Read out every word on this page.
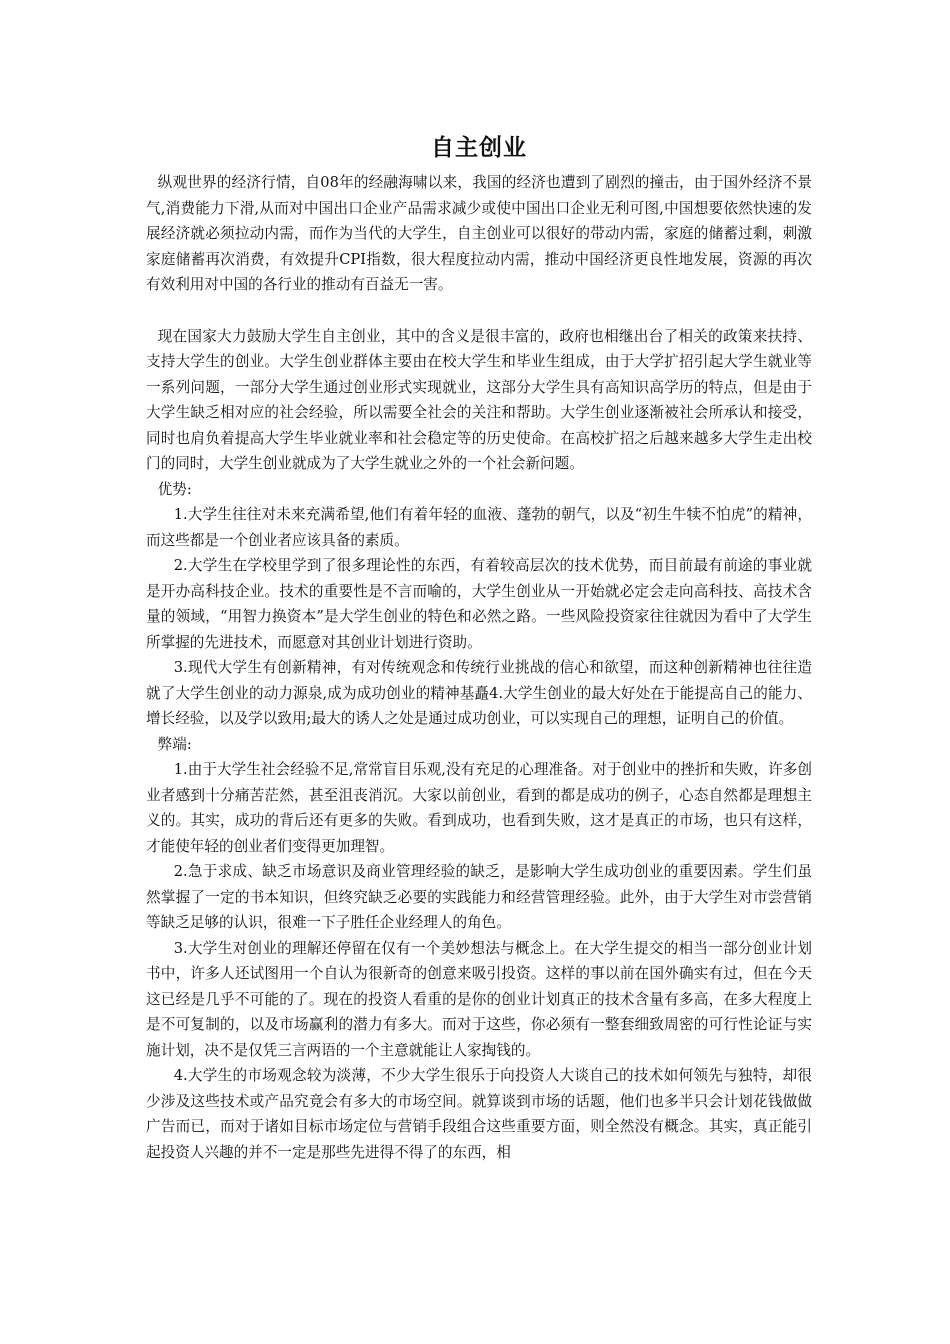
自主创业

纵观世界的经济行情，自08年的经融海啸以来，我国的经济也遭到了剧烈的撞击，由于国外经济不景气,消费能力下滑,从而对中国出口企业产品需求减少或使中国出口企业无利可图,中国想要依然快速的发展经济就必须拉动内需，而作为当代的大学生，自主创业可以很好的带动内需，家庭的储蓄过剩，刺激家庭储蓄再次消费，有效提升CPI指数，很大程度拉动内需，推动中国经济更良性地发展，资源的再次有效利用对中国的各行业的推动有百益无一害。

现在国家大力鼓励大学生自主创业，其中的含义是很丰富的，政府也相继出台了相关的政策来扶持、支持大学生的创业。大学生创业群体主要由在校大学生和毕业生组成，由于大学扩招引起大学生就业等一系列问题，一部分大学生通过创业形式实现就业，这部分大学生具有高知识高学历的特点，但是由于大学生缺乏相对应的社会经验，所以需要全社会的关注和帮助。大学生创业逐渐被社会所承认和接受，同时也肩负着提高大学生毕业就业率和社会稳定等的历史使命。在高校扩招之后越来越多大学生走出校门的同时，大学生创业就成为了大学生就业之外的一个社会新问题。

优势:

1.大学生往往对未来充满希望,他们有着年轻的血液、蓬勃的朝气，以及“初生牛犊不怕虎”的精神，而这些都是一个创业者应该具备的素质。

2.大学生在学校里学到了很多理论性的东西，有着较高层次的技术优势，而目前最有前途的事业就是开办高科技企业。技术的重要性是不言而喻的，大学生创业从一开始就必定会走向高科技、高技术含量的领域，“用智力换资本”是大学生创业的特色和必然之路。一些风险投资家往往就因为看中了大学生所掌握的先进技术，而愿意对其创业计划进行资助。

3.现代大学生有创新精神，有对传统观念和传统行业挑战的信心和欲望，而这种创新精神也往往造就了大学生创业的动力源泉,成为成功创业的精神基矗4.大学生创业的最大好处在于能提高自己的能力、增长经验，以及学以致用;最大的诱人之处是通过成功创业，可以实现自己的理想，证明自己的价值。

弊端:

1.由于大学生社会经验不足,常常盲目乐观,没有充足的心理准备。对于创业中的挫折和失败，许多创业者感到十分痛苦茫然，甚至沮丧消沉。大家以前创业，看到的都是成功的例子，心态自然都是理想主义的。其实，成功的背后还有更多的失败。看到成功，也看到失败，这才是真正的市场，也只有这样，才能使年轻的创业者们变得更加理智。

2.急于求成、缺乏市场意识及商业管理经验的缺乏，是影响大学生成功创业的重要因素。学生们虽然掌握了一定的书本知识，但终究缺乏必要的实践能力和经营管理经验。此外，由于大学生对市尝营销等缺乏足够的认识，很难一下子胜任企业经理人的角色。

3.大学生对创业的理解还停留在仅有一个美妙想法与概念上。在大学生提交的相当一部分创业计划书中，许多人还试图用一个自认为很新奇的创意来吸引投资。这样的事以前在国外确实有过，但在今天这已经是几乎不可能的了。现在的投资人看重的是你的创业计划真正的技术含量有多高，在多大程度上是不可复制的，以及市场赢利的潜力有多大。而对于这些，你必须有一整套细致周密的可行性论证与实施计划，决不是仅凭三言两语的一个主意就能让人家掏钱的。

4.大学生的市场观念较为淡薄，不少大学生很乐于向投资人大谈自己的技术如何领先与独特，却很少涉及这些技术或产品究竟会有多大的市场空间。就算谈到市场的话题，他们也多半只会计划花钱做做广告而已，而对于诸如目标市场定位与营销手段组合这些重要方面，则全然没有概念。其实，真正能引起投资人兴趣的并不一定是那些先进得不得了的东西，相
